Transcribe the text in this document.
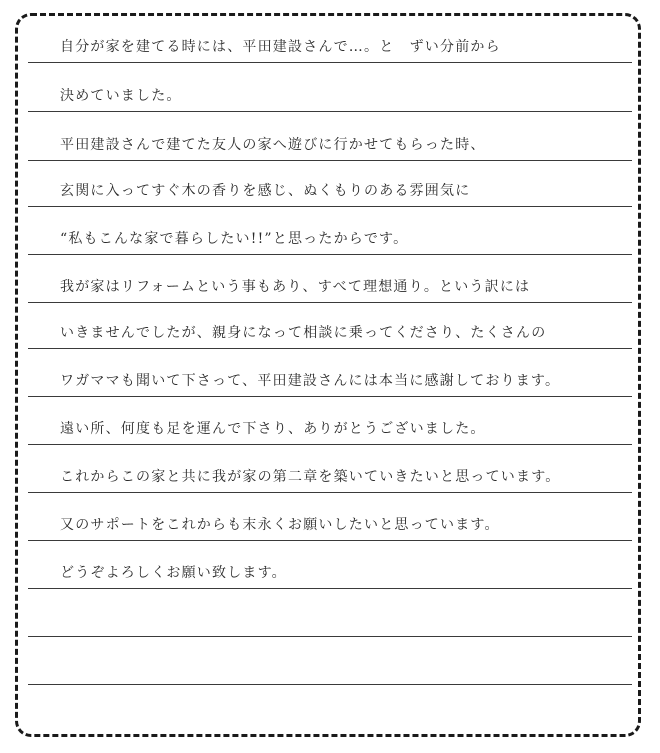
自分が家を建てる時には、平田建設さんで…。と　ずい分前から
決めていました。
平田建設さんで建てた友人の家へ遊びに行かせてもらった時、
玄関に入ってすぐ木の香りを感じ、ぬくもりのある雰囲気に
“私もこんな家で暮らしたい!!”と思ったからです。
我が家はリフォームという事もあり、すべて理想通り。という訳には
いきませんでしたが、親身になって相談に乗ってくださり、たくさんの
ワガママも聞いて下さって、平田建設さんには本当に感謝しております。
遠い所、何度も足を運んで下さり、ありがとうございました。
これからこの家と共に我が家の第二章を築いていきたいと思っています。
又のサポートをこれからも末永くお願いしたいと思っています。
どうぞよろしくお願い致します。
